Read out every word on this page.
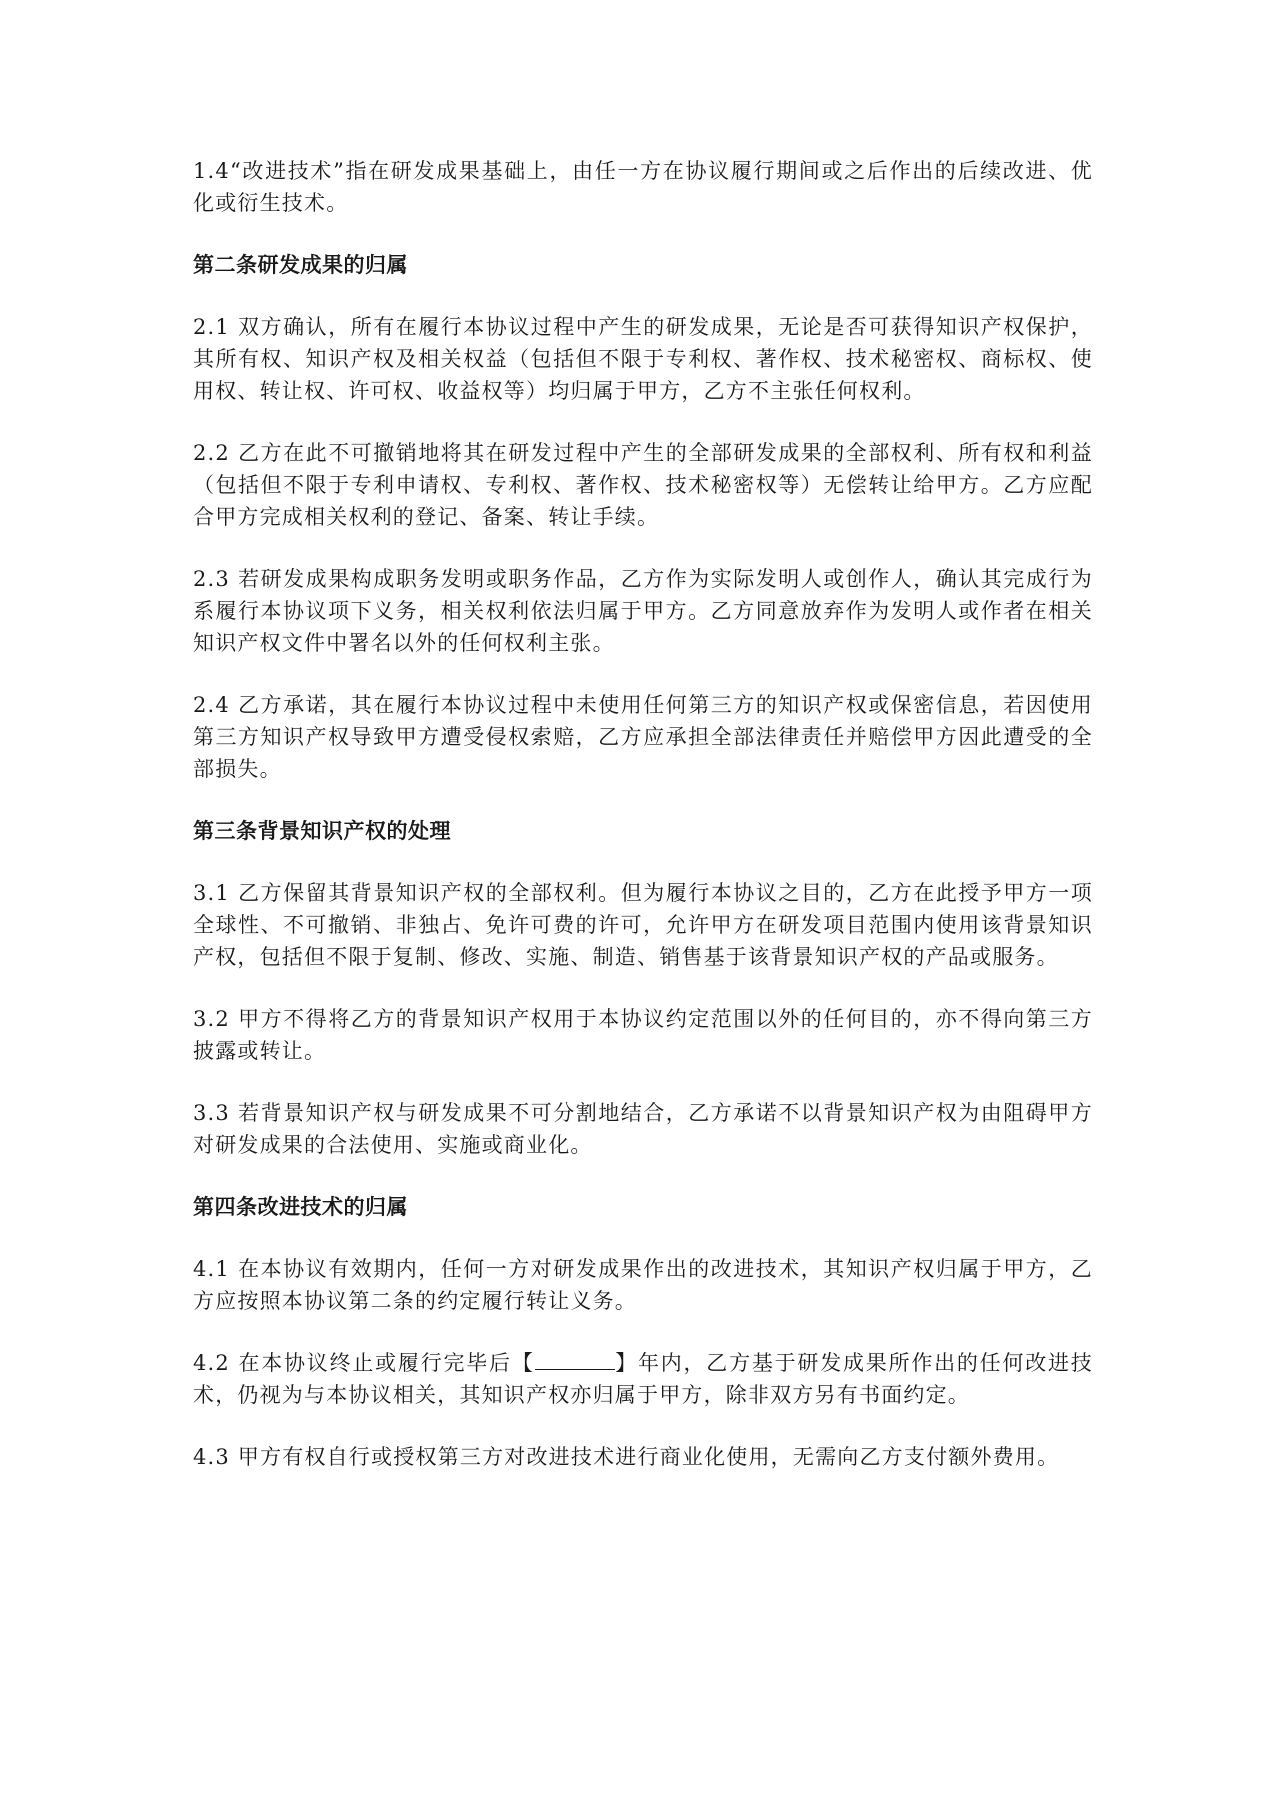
1.4“改进技术”指在研发成果基础上，由任一方在协议履行期间或之后作出的后续改进、优化或衍生技术。

第二条研发成果的归属

2.1 双方确认，所有在履行本协议过程中产生的研发成果，无论是否可获得知识产权保护，其所有权、知识产权及相关权益（包括但不限于专利权、著作权、技术秘密权、商标权、使用权、转让权、许可权、收益权等）均归属于甲方，乙方不主张任何权利。

2.2 乙方在此不可撤销地将其在研发过程中产生的全部研发成果的全部权利、所有权和利益（包括但不限于专利申请权、专利权、著作权、技术秘密权等）无偿转让给甲方。乙方应配合甲方完成相关权利的登记、备案、转让手续。

2.3 若研发成果构成职务发明或职务作品，乙方作为实际发明人或创作人，确认其完成行为系履行本协议项下义务，相关权利依法归属于甲方。乙方同意放弃作为发明人或作者在相关知识产权文件中署名以外的任何权利主张。

2.4 乙方承诺，其在履行本协议过程中未使用任何第三方的知识产权或保密信息，若因使用第三方知识产权导致甲方遭受侵权索赔，乙方应承担全部法律责任并赔偿甲方因此遭受的全部损失。

第三条背景知识产权的处理

3.1 乙方保留其背景知识产权的全部权利。但为履行本协议之目的，乙方在此授予甲方一项全球性、不可撤销、非独占、免许可费的许可，允许甲方在研发项目范围内使用该背景知识产权，包括但不限于复制、修改、实施、制造、销售基于该背景知识产权的产品或服务。

3.2 甲方不得将乙方的背景知识产权用于本协议约定范围以外的任何目的，亦不得向第三方披露或转让。

3.3 若背景知识产权与研发成果不可分割地结合，乙方承诺不以背景知识产权为由阻碍甲方对研发成果的合法使用、实施或商业化。

第四条改进技术的归属

4.1 在本协议有效期内，任何一方对研发成果作出的改进技术，其知识产权归属于甲方，乙方应按照本协议第二条的约定履行转让义务。

4.2 在本协议终止或履行完毕后【	】年内，乙方基于研发成果所作出的任何改进技术，仍视为与本协议相关，其知识产权亦归属于甲方，除非双方另有书面约定。

4.3 甲方有权自行或授权第三方对改进技术进行商业化使用，无需向乙方支付额外费用。
